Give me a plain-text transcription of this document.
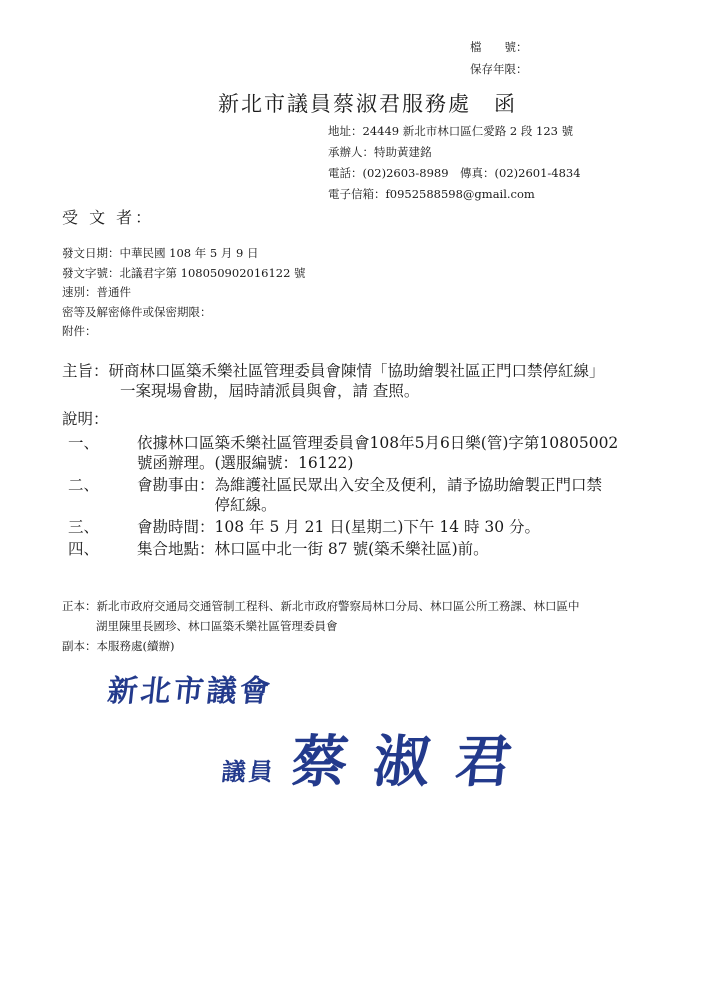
檔　　號：
保存年限：
新北市議員蔡淑君服務處　函
地址：24449 新北市林口區仁愛路 2 段 123 號
承辦人：特助黃建銘
電話：(02)2603-8989　傳真：(02)2601-4834
電子信箱：f0952588598@gmail.com
受 文 者：
發文日期：中華民國 108 年 5 月 9 日
發文字號：北議君字第 108050902016122 號
速別：普通件
密等及解密條件或保密期限：
附件：
主旨：研商林口區築禾樂社區管理委員會陳情「協助繪製社區正門口禁停紅線」
一案現場會勘，屆時請派員與會，請 查照。
說明：
一、	依據林口區築禾樂社區管理委員會108年5月6日樂(管)字第10805002
號函辦理。(選服編號：16122)
二、	會勘事由：為維護社區民眾出入安全及便利，請予協助繪製正門口禁
　　　　　停紅線。
三、	會勘時間：108 年 5 月 21 日(星期二)下午 14 時 30 分。
四、	集合地點：林口區中北一街 87 號(築禾樂社區)前。
正本：新北市政府交通局交通管制工程科、新北市政府警察局林口分局、林口區公所工務課、林口區中
湖里陳里長國珍、林口區築禾樂社區管理委員會
副本：本服務處(續辦)
新北市議會
議員 蔡淑君
